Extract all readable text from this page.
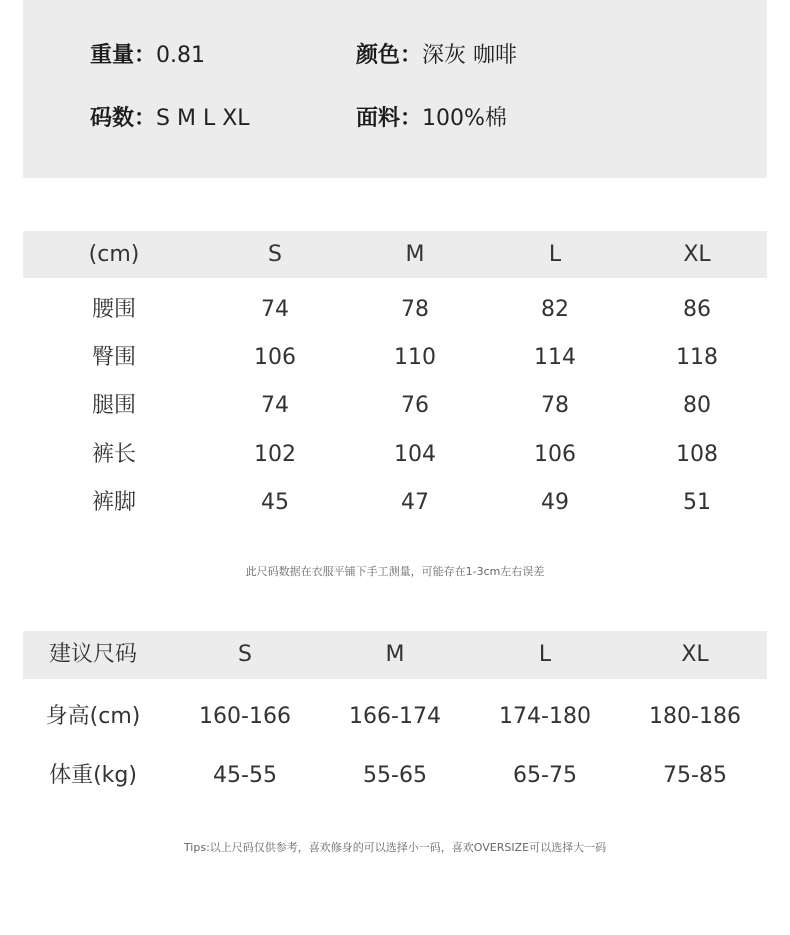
重量：0.81	颜色：深灰 咖啡
码数：S M L XL	面料：100%棉
(cm)	S	M	L	XL
腰围	74	78	82	86
臀围	106	110	114	118
腿围	74	76	78	80
裤长	102	104	106	108
裤脚	45	47	49	51
此尺码数据在衣服平铺下手工测量，可能存在1-3cm左右误差
建议尺码	S	M	L	XL
身高(cm)	160-166	166-174	174-180	180-186
体重(kg)	45-55	55-65	65-75	75-85
Tips:以上尺码仅供参考，喜欢修身的可以选择小一码，喜欢OVERSIZE可以选择大一码
